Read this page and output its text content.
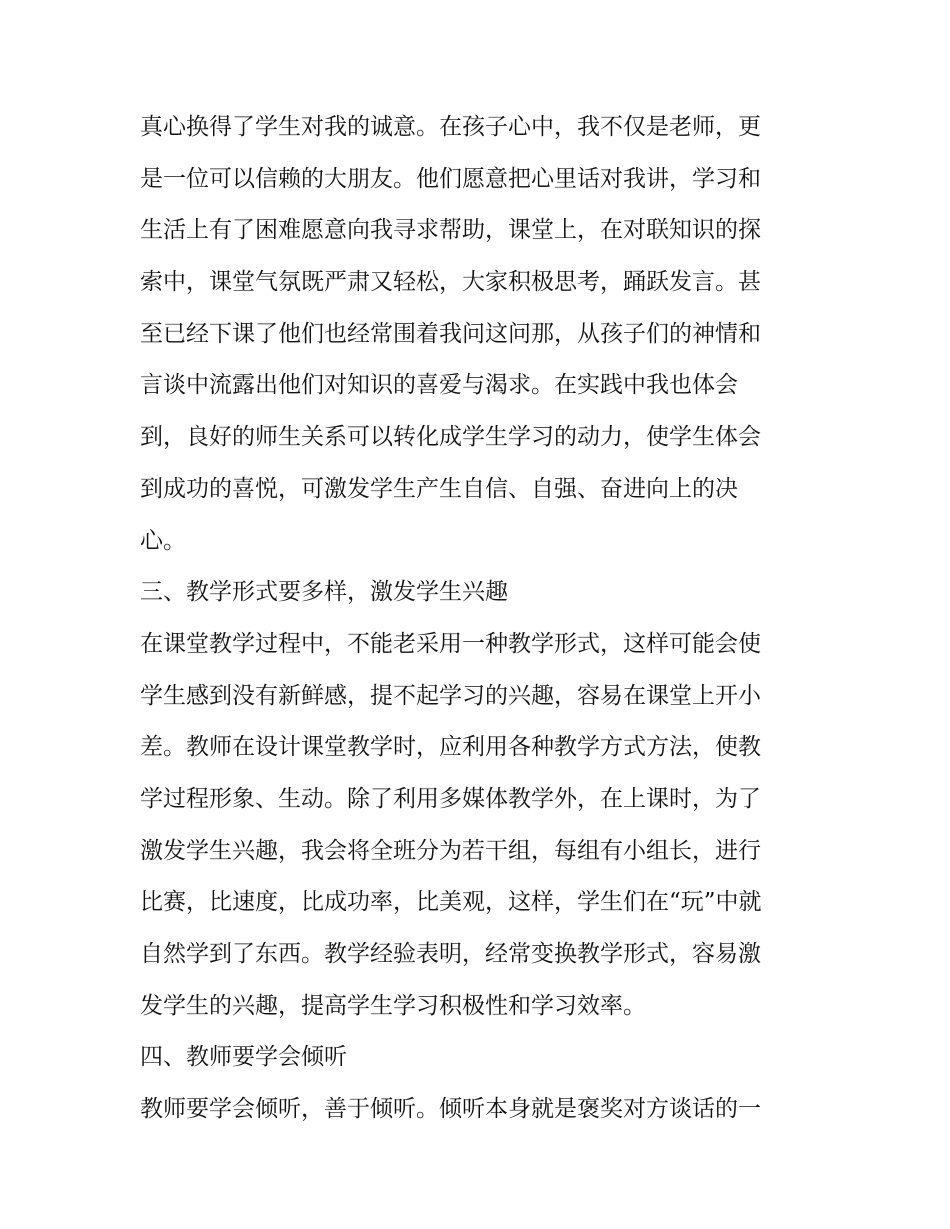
真心换得了学生对我的诚意。在孩子心中，我不仅是老师，更
是一位可以信赖的大朋友。他们愿意把心里话对我讲，学习和
生活上有了困难愿意向我寻求帮助，课堂上，在对联知识的探
索中，课堂气氛既严肃又轻松，大家积极思考，踊跃发言。甚
至已经下课了他们也经常围着我问这问那，从孩子们的神情和
言谈中流露出他们对知识的喜爱与渴求。在实践中我也体会
到，良好的师生关系可以转化成学生学习的动力，使学生体会
到成功的喜悦，可激发学生产生自信、自强、奋进向上的决
心。
三、教学形式要多样，激发学生兴趣
在课堂教学过程中，不能老采用一种教学形式，这样可能会使
学生感到没有新鲜感，提不起学习的兴趣，容易在课堂上开小
差。教师在设计课堂教学时，应利用各种教学方式方法，使教
学过程形象、生动。除了利用多媒体教学外，在上课时，为了
激发学生兴趣，我会将全班分为若干组，每组有小组长，进行
比赛，比速度，比成功率，比美观，这样，学生们在“玩”中就
自然学到了东西。教学经验表明，经常变换教学形式，容易激
发学生的兴趣，提高学生学习积极性和学习效率。
四、教师要学会倾听
教师要学会倾听，善于倾听。倾听本身就是褒奖对方谈话的一
